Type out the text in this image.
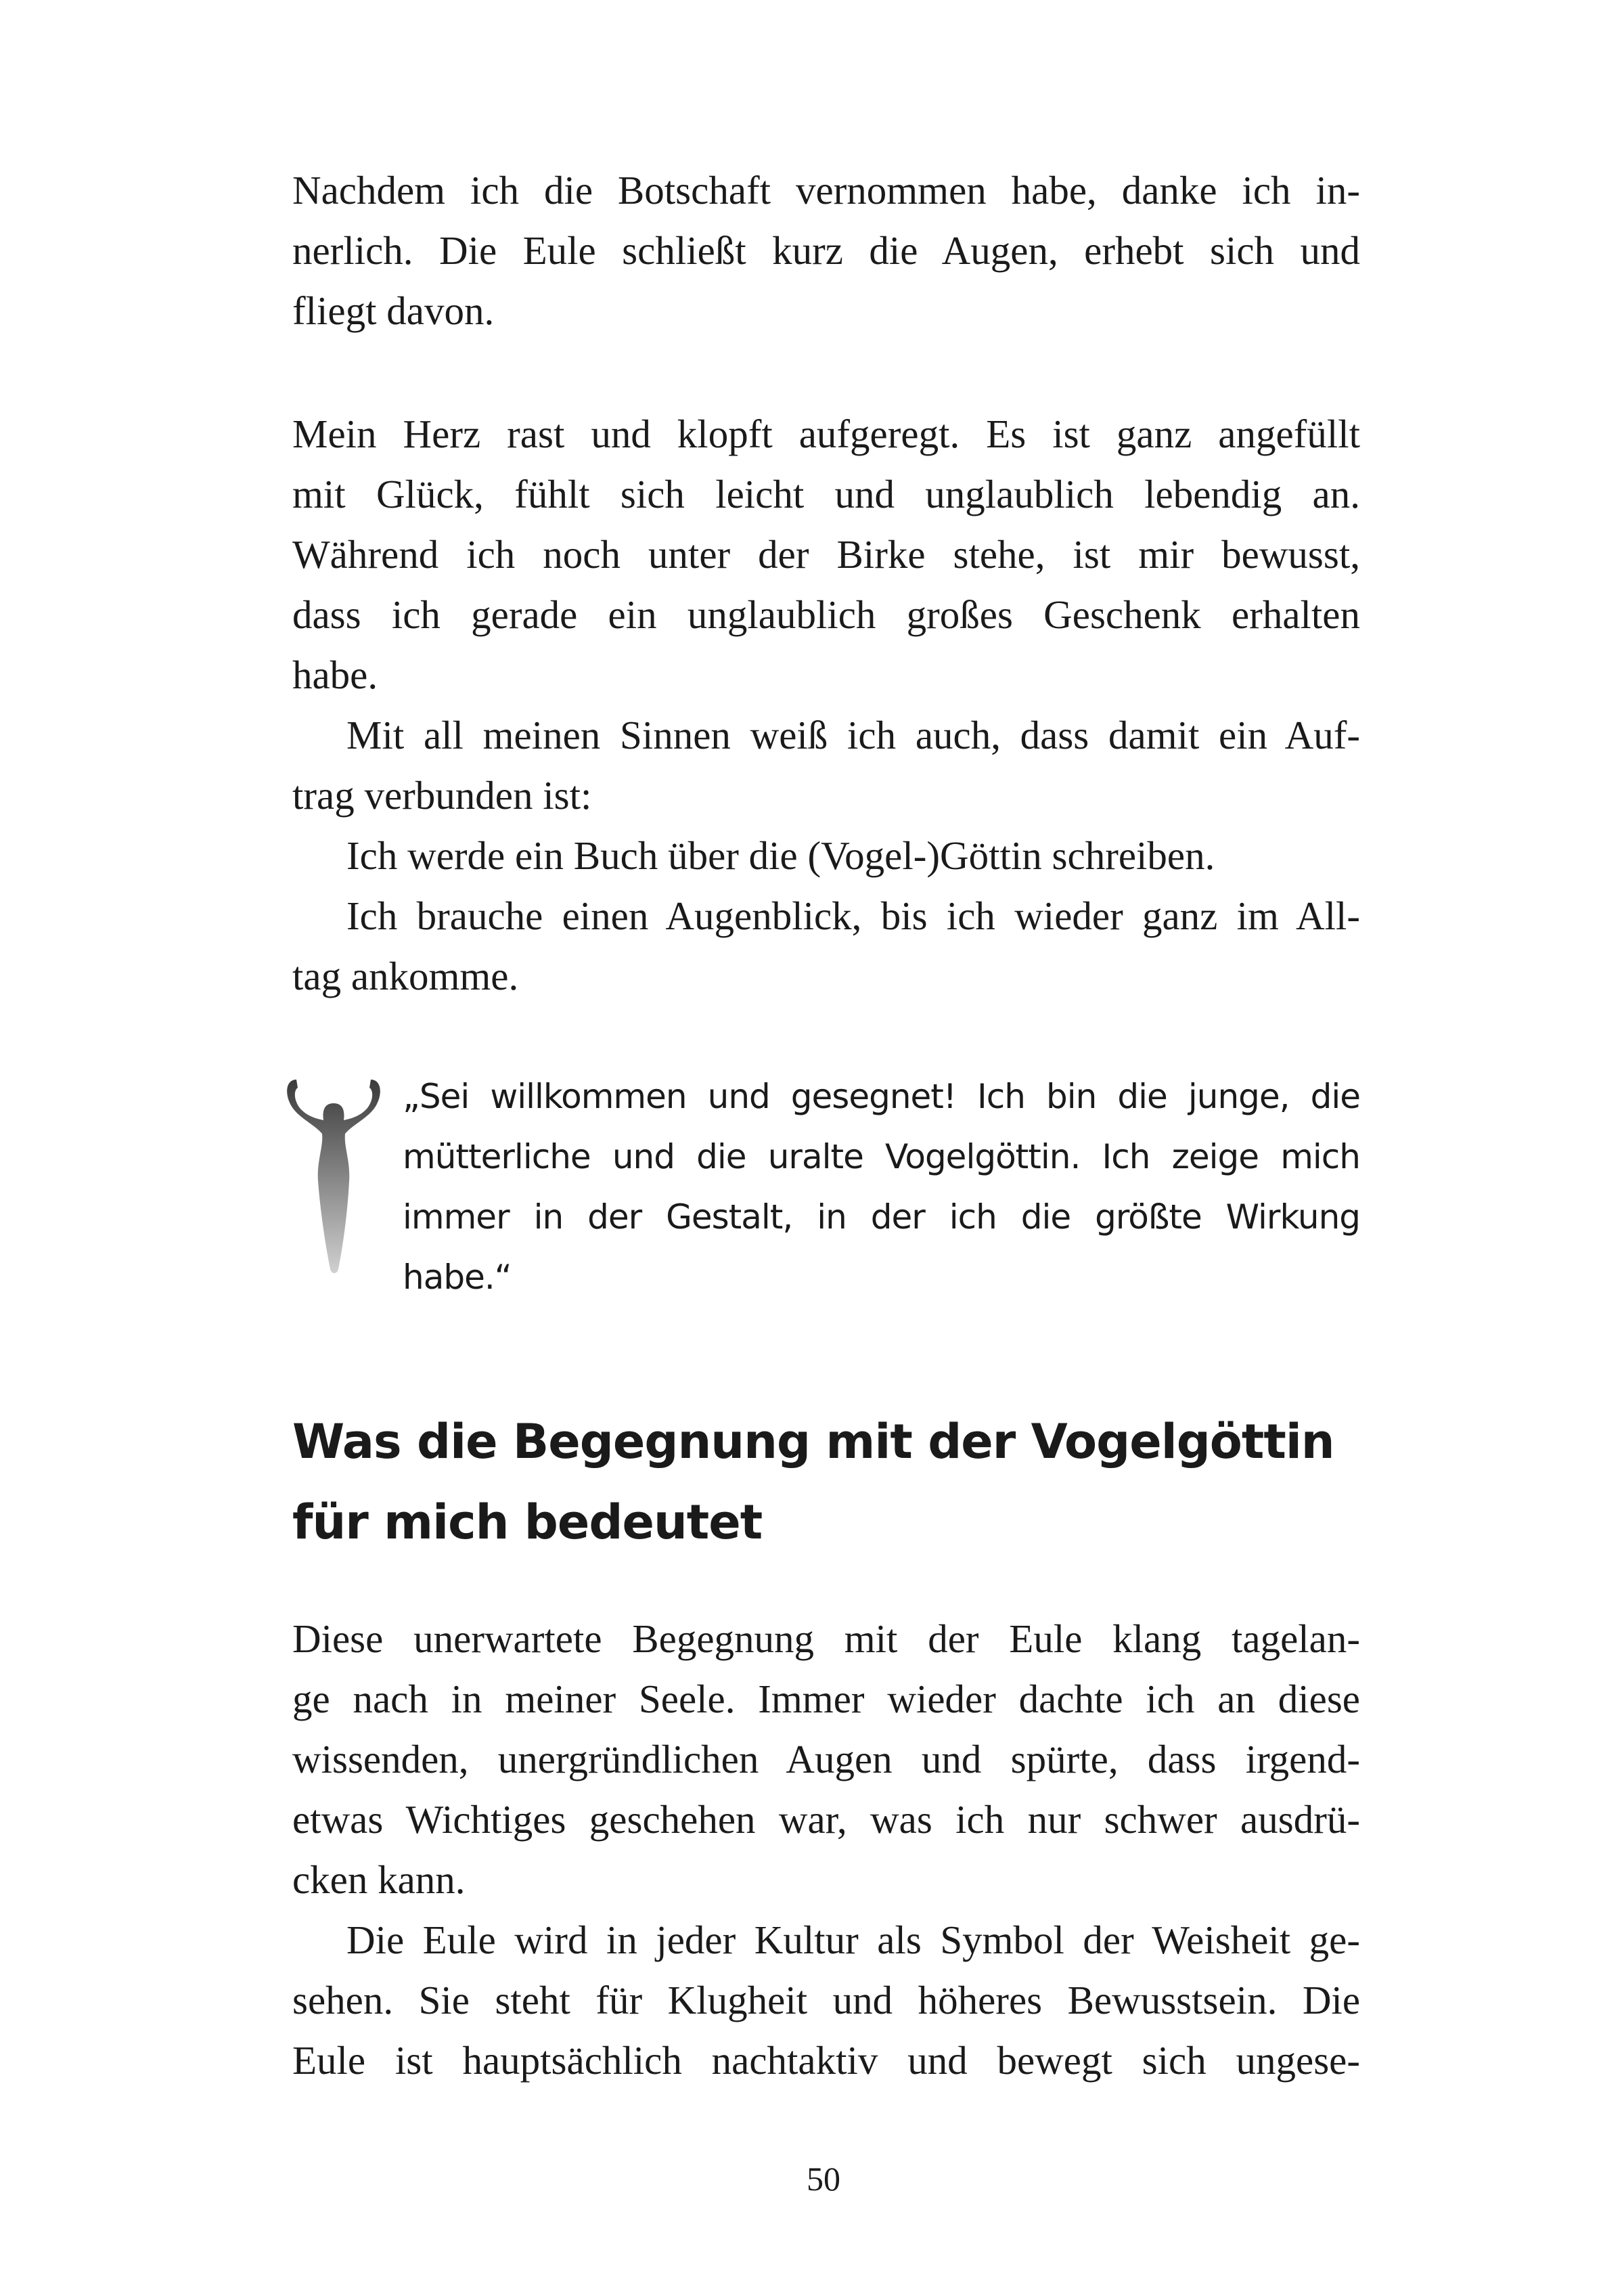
Nachdem ich die Botschaft vernommen habe, danke ich in-
nerlich. Die Eule schließt kurz die Augen, erhebt sich und
fliegt davon.
Mein Herz rast und klopft aufgeregt. Es ist ganz angefüllt
mit Glück, fühlt sich leicht und unglaublich lebendig an.
Während ich noch unter der Birke stehe, ist mir bewusst,
dass ich gerade ein unglaublich großes Geschenk erhalten
habe.
Mit all meinen Sinnen weiß ich auch, dass damit ein Auf-
trag verbunden ist:
Ich werde ein Buch über die (Vogel-)Göttin schreiben.
Ich brauche einen Augenblick, bis ich wieder ganz im All-
tag ankomme.
„Sei willkommen und gesegnet! Ich bin die junge, die
mütterliche und die uralte Vogelgöttin. Ich zeige mich
immer in der Gestalt, in der ich die größte Wirkung
habe.“
Was die Begegnung mit der Vogelgöttin
für mich bedeutet
Diese unerwartete Begegnung mit der Eule klang tagelan-
ge nach in meiner Seele. Immer wieder dachte ich an diese
wissenden, unergründlichen Augen und spürte, dass irgend-
etwas Wichtiges geschehen war, was ich nur schwer ausdrü-
cken kann.
Die Eule wird in jeder Kultur als Symbol der Weisheit ge-
sehen. Sie steht für Klugheit und höheres Bewusstsein. Die
Eule ist hauptsächlich nachtaktiv und bewegt sich ungese-
50
